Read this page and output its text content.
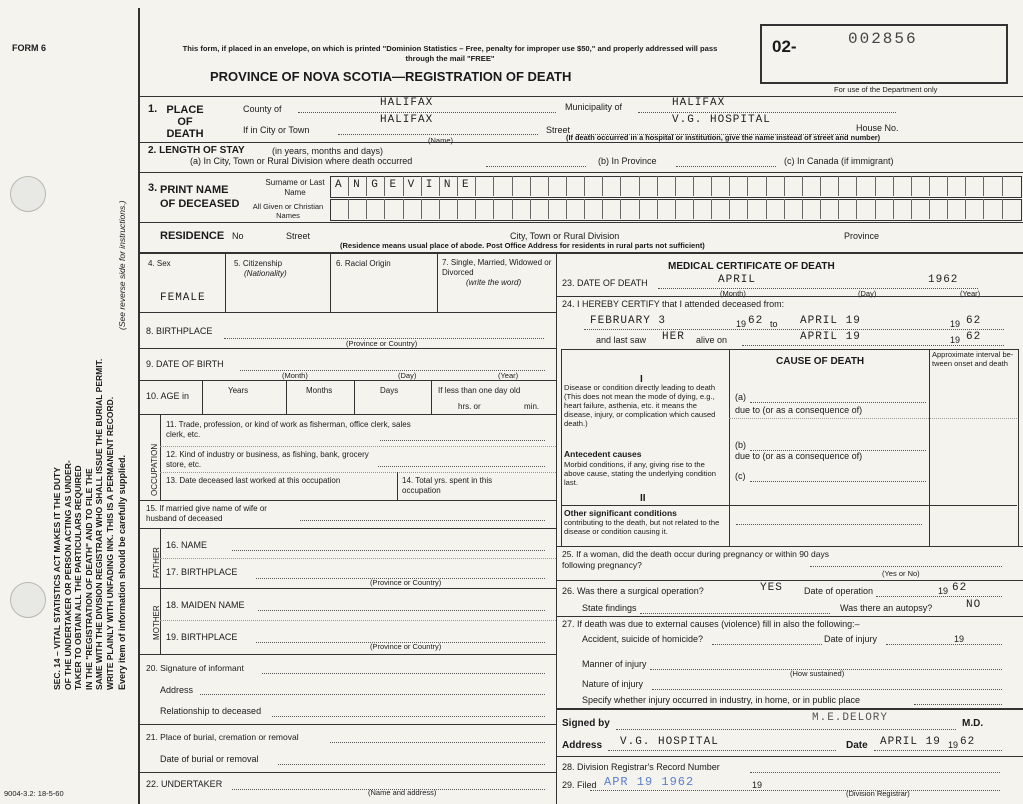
FORM 6
9004-3.2: 18-5-60
SEC. 14 – VITAL STATISTICS ACT MAKES IT THE DUTY OF THE UNDERTAKER OR PERSON ACTING AS UNDER- TAKER TO OBTAIN ALL THE PARTICULARS REQUIRED IN THE "REGISTRATION OF DEATH" AND TO FILE THE SAME WITH THE DIVISION REGISTRAR WHO SHALL ISSUE THE BURIAL PERMIT. WRITE PLAINLY WITH UNFADING INK. THIS IS A PERMANENT RECORD. Every item of information should be carefully supplied.
(See reverse side for instructions.)
This form, if placed in an envelope, on which is printed "Dominion Statistics – Free, penalty for improper use $50," and properly addressed will pass through the mail "FREE"
PROVINCE OF NOVA SCOTIA—REGISTRATION OF DEATH
02-	002856
For use of the Department only
1. PLACE OF DEATH
County of	HALIFAX
If in City or Town
HALIFAX
(Name)
Municipality of	HALIFAX
Street
V.G. HOSPITAL
House No.
(If death occurred in a hospital or institution, give the name instead of street and number)
2. LENGTH OF STAY	(in years, months and days)
(a) In City, Town or Rural Division where death occurred	(b) In Province	(c) In Canada (if immigrant)
3. PRINT NAME OF DECEASED
Surname or Last Name
All Given or Christian Names
A N G E V I N E
RESIDENCE No	Street	City, Town or Rural Division	Province
(Residence means usual place of abode. Post Office Address for residents in rural parts not sufficient)
4. Sex
FEMALE
5. Citizenship
(Nationality)
6. Racial Origin	7. Single, Married, Widowed or Divorced
(write the word)
8. BIRTHPLACE
(Province or Country)
9. DATE OF BIRTH
(Month)	(Day)	(Year)
10. AGE in
Years	Months	Days	If less than one day old
hrs. or	min.
OCCUPATION
11. Trade, profession, or kind of work as fisherman, office clerk, sales clerk, etc.
12. Kind of industry or business, as fishing, bank, grocery store, etc.
13. Date deceased last worked at this occupation	14. Total yrs. spent in this occupation
15. If married give name of wife or husband of deceased
FATHER
16. NAME
17. BIRTHPLACE
(Province or Country)
MOTHER
18. MAIDEN NAME
19. BIRTHPLACE
(Province or Country)
20. Signature of informant
Address
Relationship to deceased
21. Place of burial, cremation or removal
Date of burial or removal
22. UNDERTAKER
(Name and address)
MEDICAL CERTIFICATE OF DEATH
23. DATE OF DEATH	APRIL	1962
(Month)	(Day)	(Year)
24. I HEREBY CERTIFY that I attended deceased from:
FEBRUARY 3	19 62 to APRIL 19	19 62
and last saw HER alive on	APRIL 19	19 62
CAUSE OF DEATH
Approximate interval be-tween onset and death
I
Disease or condition directly leading to death (This does not mean the mode of dying, e.g., heart failure, asthenia, etc. it means the disease, injury, or complication which caused death.)
(a)
due to (or as a consequence of)
(b)
due to (or as a consequence of)
Antecedent causes
Morbid conditions, if any, giving rise to the above cause, stating the underlying condition last.
(c)
II
Other significant conditions
contributing to the death, but not related to the disease or condition causing it.
25. If a woman, did the death occur during pregnancy or within 90 days following pregnancy?
(Yes or No)
26. Was there a surgical operation?	YES Date of operation	19 62
State findings	Was there an autopsy?	NO
27. If death was due to external causes (violence) fill in also the following:–
Accident, suicide of homicide?	Date of injury	19
Manner of injury
(How sustained)
Nature of injury
Specify whether injury occurred in industry, in home, or in public place
Signed by	M.E.DELORY	M.D.
Address V.G. HOSPITAL	Date APRIL 19 19 62
28. Division Registrar's Record Number
29. Filed APR 19 1962	19
(Division Registrar)
